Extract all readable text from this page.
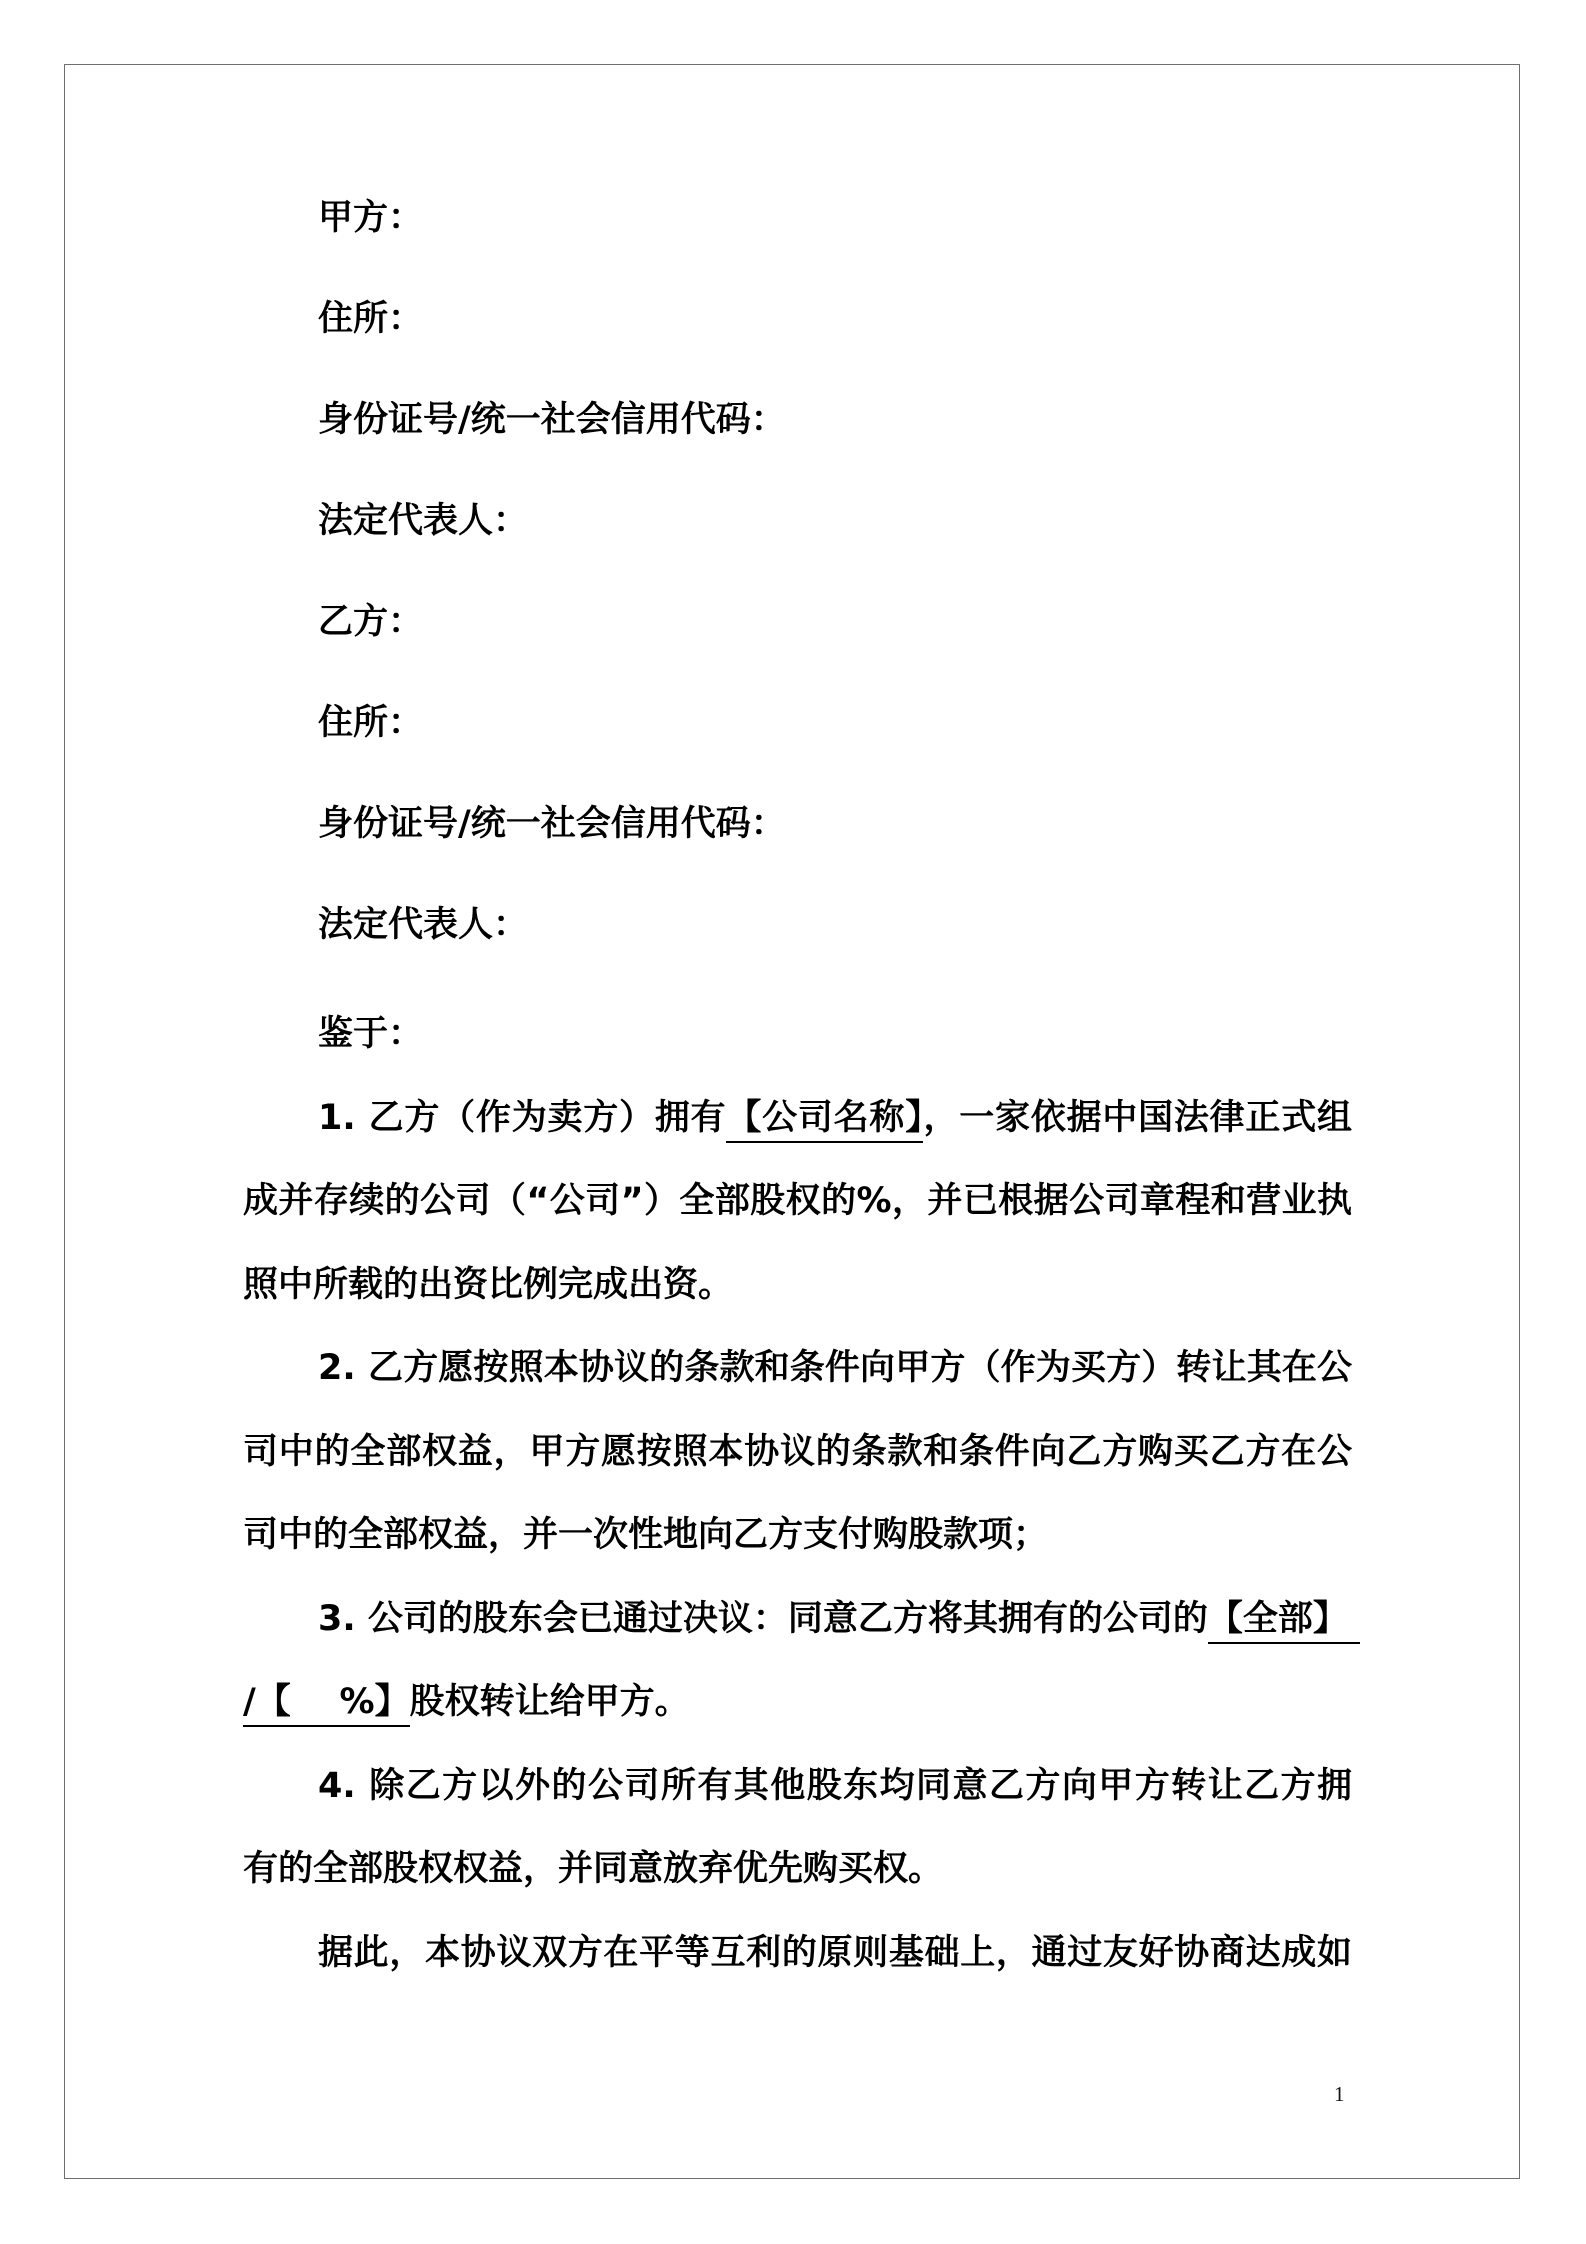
甲方：
住所：
身份证号/统一社会信用代码：
法定代表人：
乙方：
住所：
身份证号/统一社会信用代码：
法定代表人：
鉴于：
1. 乙方（作为卖方）拥有【公司名称】，一家依据中国法律正式组
成并存续的公司（“公司”）全部股权的%，并已根据公司章程和营业执
照中所载的出资比例完成出资。
2. 乙方愿按照本协议的条款和条件向甲方（作为买方）转让其在公
司中的全部权益，甲方愿按照本协议的条款和条件向乙方购买乙方在公
司中的全部权益，并一次性地向乙方支付购股款项；
3. 公司的股东会已通过决议：同意乙方将其拥有的公司的【全部】
/【    %】股权转让给甲方。
4. 除乙方以外的公司所有其他股东均同意乙方向甲方转让乙方拥
有的全部股权权益，并同意放弃优先购买权。
据此，本协议双方在平等互利的原则基础上，通过友好协商达成如
1
